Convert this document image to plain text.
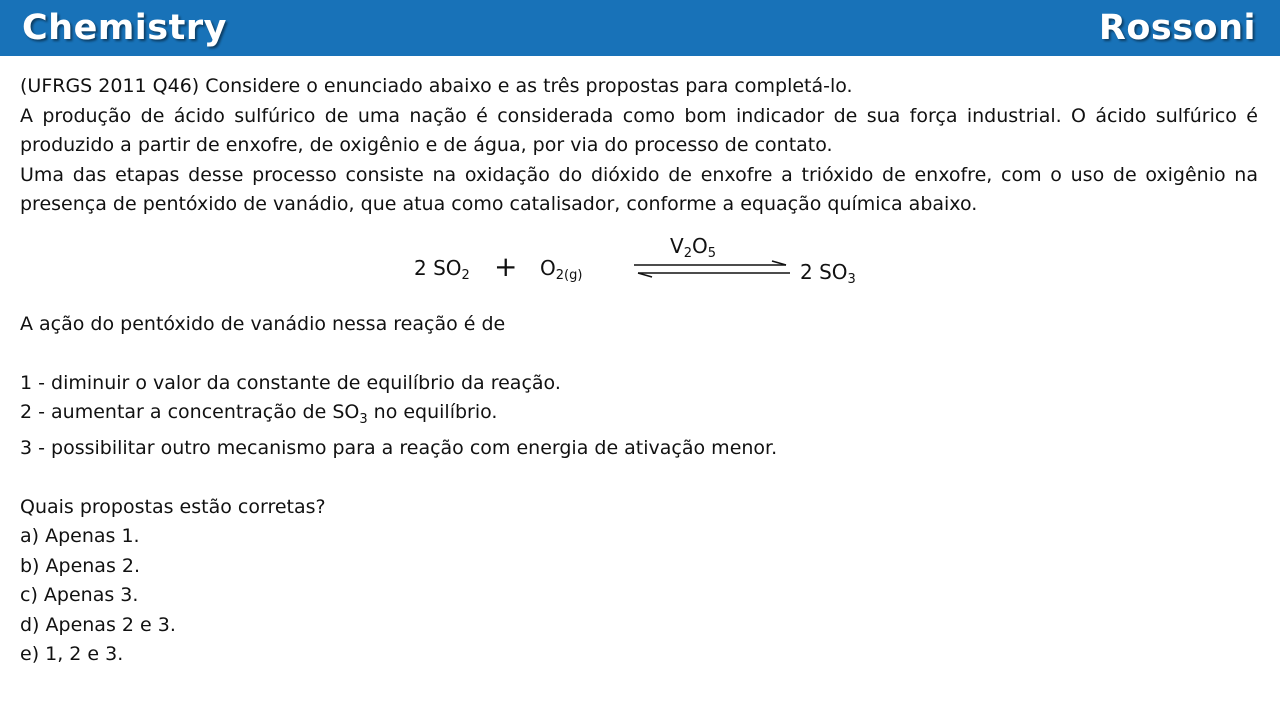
Chemistry	Rossoni

(UFRGS 2011 Q46) Considere o enunciado abaixo e as três propostas para completá-lo.

A produção de ácido sulfúrico de uma nação é considerada como bom indicador de sua força industrial. O ácido sulfúrico é produzido a partir de enxofre, de oxigênio e de água, por via do processo de contato.

Uma das etapas desse processo consiste na oxidação do dióxido de enxofre a trióxido de enxofre, com o uso de oxigênio na presença de pentóxido de vanádio, que atua como catalisador, conforme a equação química abaixo.

2 $SO_2 + O_{2(g)}$
$V_2O_5$
2 $SO_3$

A ação do pentóxido de vanádio nessa reação é de

1 - diminuir o valor da constante de equilíbrio da reação.

2 - aumentar a concentração de $SO_3$ no equilíbrio.

3 - possibilitar outro mecanismo para a reação com energia de ativação menor.

Quais propostas estão corretas?

a) Apenas 1.

b) Apenas 2.

c) Apenas 3.

d) Apenas 2 e 3.

e) 1, 2 e 3.
